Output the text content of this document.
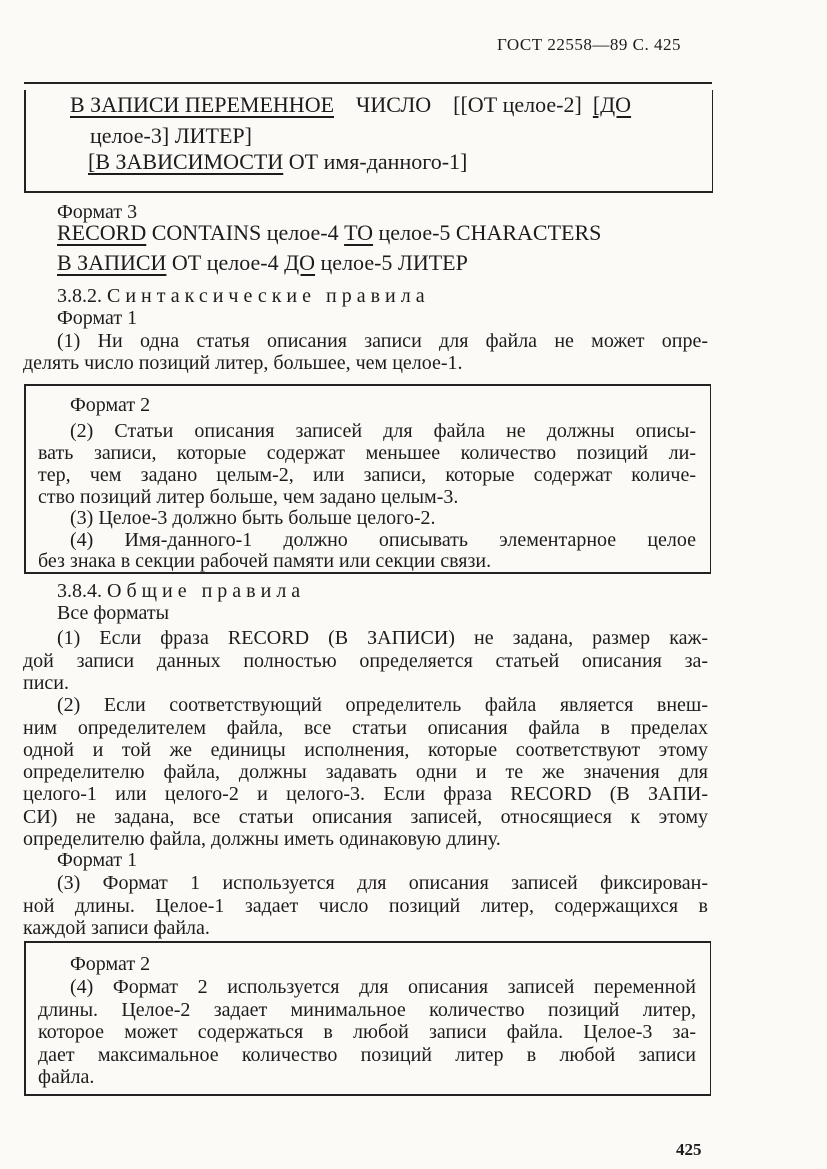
ГОСТ 22558—89 С. 425
В ЗАПИСИ ПЕРЕМЕННОЕ ЧИСЛО [[ОТ целое-2] [ДО
целое-3] ЛИТЕР]
[В ЗАВИСИМОСТИ ОТ имя-данного-1]
Формат 3
RECORD CONTAINS целое-4 TO целое-5 CHARACTERS
В ЗАПИСИ ОТ целое-4 ДО целое-5 ЛИТЕР
3.8.2. Синтаксические правила
Формат 1
(1) Ни одна статья описания записи для файла не может опре-
делять число позиций литер, большее, чем целое-1.
Формат 2
(2) Статьи описания записей для файла не должны описы-
вать записи, которые содержат меньшее количество позиций ли-
тер, чем задано целым-2, или записи, которые содержат количе-
ство позиций литер больше, чем задано целым-3.
(3) Целое-3 должно быть больше целого-2.
(4) Имя-данного-1 должно описывать элементарное целое
без знака в секции рабочей памяти или секции связи.
3.8.4. Общие правила
Все форматы
(1) Если фраза RECORD (В ЗАПИСИ) не задана, размер каж-
дой записи данных полностью определяется статьей описания за-
писи.
(2) Если соответствующий определитель файла является внеш-
ним определителем файла, все статьи описания файла в пределах
одной и той же единицы исполнения, которые соответствуют этому
определителю файла, должны задавать одни и те же значения для
целого-1 или целого-2 и целого-3. Если фраза RECORD (В ЗАПИ-
СИ) не задана, все статьи описания записей, относящиеся к этому
определителю файла, должны иметь одинаковую длину.
Формат 1
(3) Формат 1 используется для описания записей фиксирован-
ной длины. Целое-1 задает число позиций литер, содержащихся в
каждой записи файла.
Формат 2
(4) Формат 2 используется для описания записей переменной
длины. Целое-2 задает минимальное количество позиций литер,
которое может содержаться в любой записи файла. Целое-3 за-
дает максимальное количество позиций литер в любой записи
файла.
425
